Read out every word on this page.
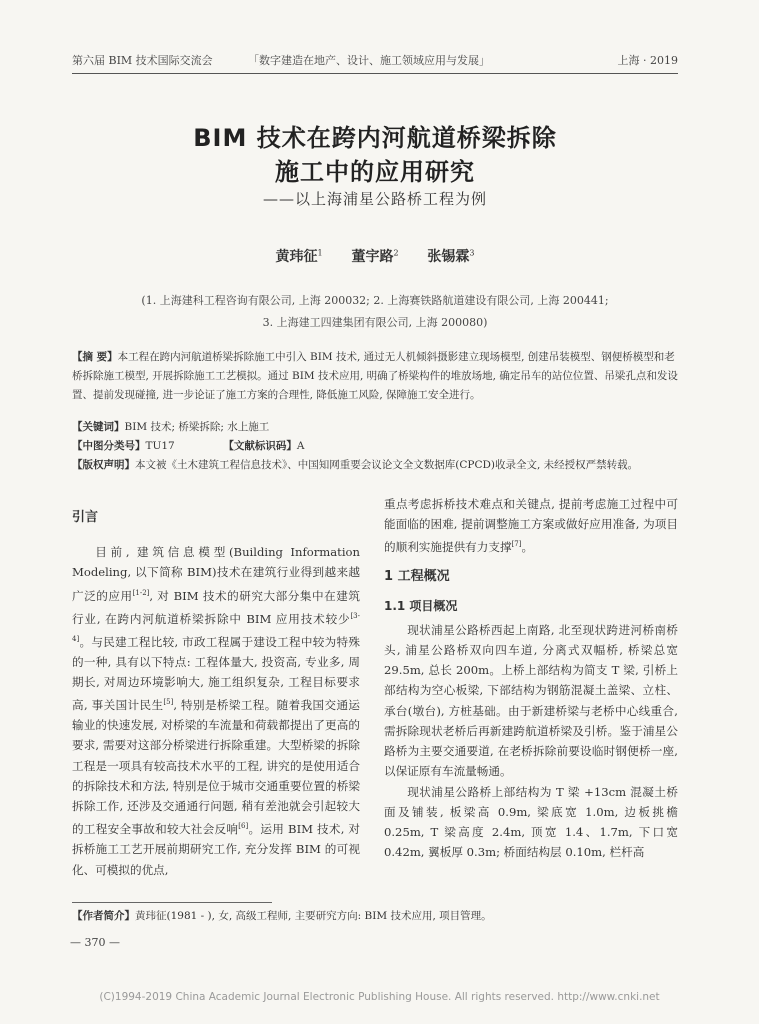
第六届 BIM 技术国际交流会	「数字建造在地产、设计、施工领域应用与发展」	上海 · 2019
BIM 技术在跨内河航道桥梁拆除
施工中的应用研究
——以上海浦星公路桥工程为例
黄玮征$^1$ 董宇路$^2$ 张锡霖$^3$
(1. 上海建科工程咨询有限公司, 上海 200032; 2. 上海赛铁路航道建设有限公司, 上海 200441;
3. 上海建工四建集团有限公司, 上海 200080)
【摘 要】本工程在跨内河航道桥梁拆除施工中引入 BIM 技术, 通过无人机倾斜摄影建立现场模型, 创建吊装模型、钢便桥模型和老桥拆除施工模型, 开展拆除施工工艺模拟。通过 BIM 技术应用, 明确了桥梁构件的堆放场地, 确定吊车的站位位置、吊梁孔点和发设置、提前发现碰撞, 进一步论证了施工方案的合理性, 降低施工风险, 保障施工安全进行。
【关键词】BIM 技术; 桥梁拆除; 水上施工
【中图分类号】TU17	【文献标识码】A
【版权声明】本文被《土木建筑工程信息技术》、中国知网重要会议论文全文数据库(CPCD)收录全文, 未经授权严禁转载。
引言

目前, 建筑信息模型(Building Information Modeling, 以下简称 BIM)技术在建筑行业得到越来越广泛的应用[1-2], 对 BIM 技术的研究大部分集中在建筑行业, 在跨内河航道桥梁拆除中 BIM 应用技术较少[3-4]。与民建工程比较, 市政工程属于建设工程中较为特殊的一种, 具有以下特点: 工程体量大, 投资高, 专业多, 周期长, 对周边环境影响大, 施工组织复杂, 工程目标要求高, 事关国计民生[5], 特别是桥梁工程。随着我国交通运输业的快速发展, 对桥梁的车流量和荷载都提出了更高的要求, 需要对这部分桥梁进行拆除重建。大型桥梁的拆除工程是一项具有较高技术水平的工程, 讲究的是使用适合的拆除技术和方法, 特别是位于城市交通重要位置的桥梁拆除工作, 还涉及交通通行问题, 稍有差池就会引起较大的工程安全事故和较大社会反响[6]。运用 BIM 技术, 对拆桥施工工艺开展前期研究工作, 充分发挥 BIM 的可视化、可模拟的优点,

重点考虑拆桥技术难点和关键点, 提前考虑施工过程中可能面临的困难, 提前调整施工方案或做好应用准备, 为项目的顺利实施提供有力支撑[7]。

1 工程概况
1.1 项目概况

现状浦星公路桥西起上南路, 北至现状跨进河桥南桥头, 浦星公路桥双向四车道, 分离式双幅桥, 桥梁总宽 29.5m, 总长 200m。上桥上部结构为简支 T 梁, 引桥上部结构为空心板梁, 下部结构为钢筋混凝土盖梁、立柱、承台(墩台), 方桩基础。由于新建桥梁与老桥中心线重合, 需拆除现状老桥后再新建跨航道桥梁及引桥。鉴于浦星公路桥为主要交通要道, 在老桥拆除前要设临时钢便桥一座, 以保证原有车流量畅通。

现状浦星公路桥上部结构为 T 梁 +13cm 混凝土桥面及铺装, 板梁高 0.9m, 梁底宽 1.0m, 边板挑檐 0.25m, T 梁高度 2.4m, 顶宽 1.4、1.7m, 下口宽 0.42m, 翼板厚 0.3m; 桥面结构层 0.10m, 栏杆高

【作者简介】黄玮征(1981 - ), 女, 高级工程师, 主要研究方向: BIM 技术应用, 项目管理。
— 370 —
(C)1994-2019 China Academic Journal Electronic Publishing House. All rights reserved. http://www.cnki.net
